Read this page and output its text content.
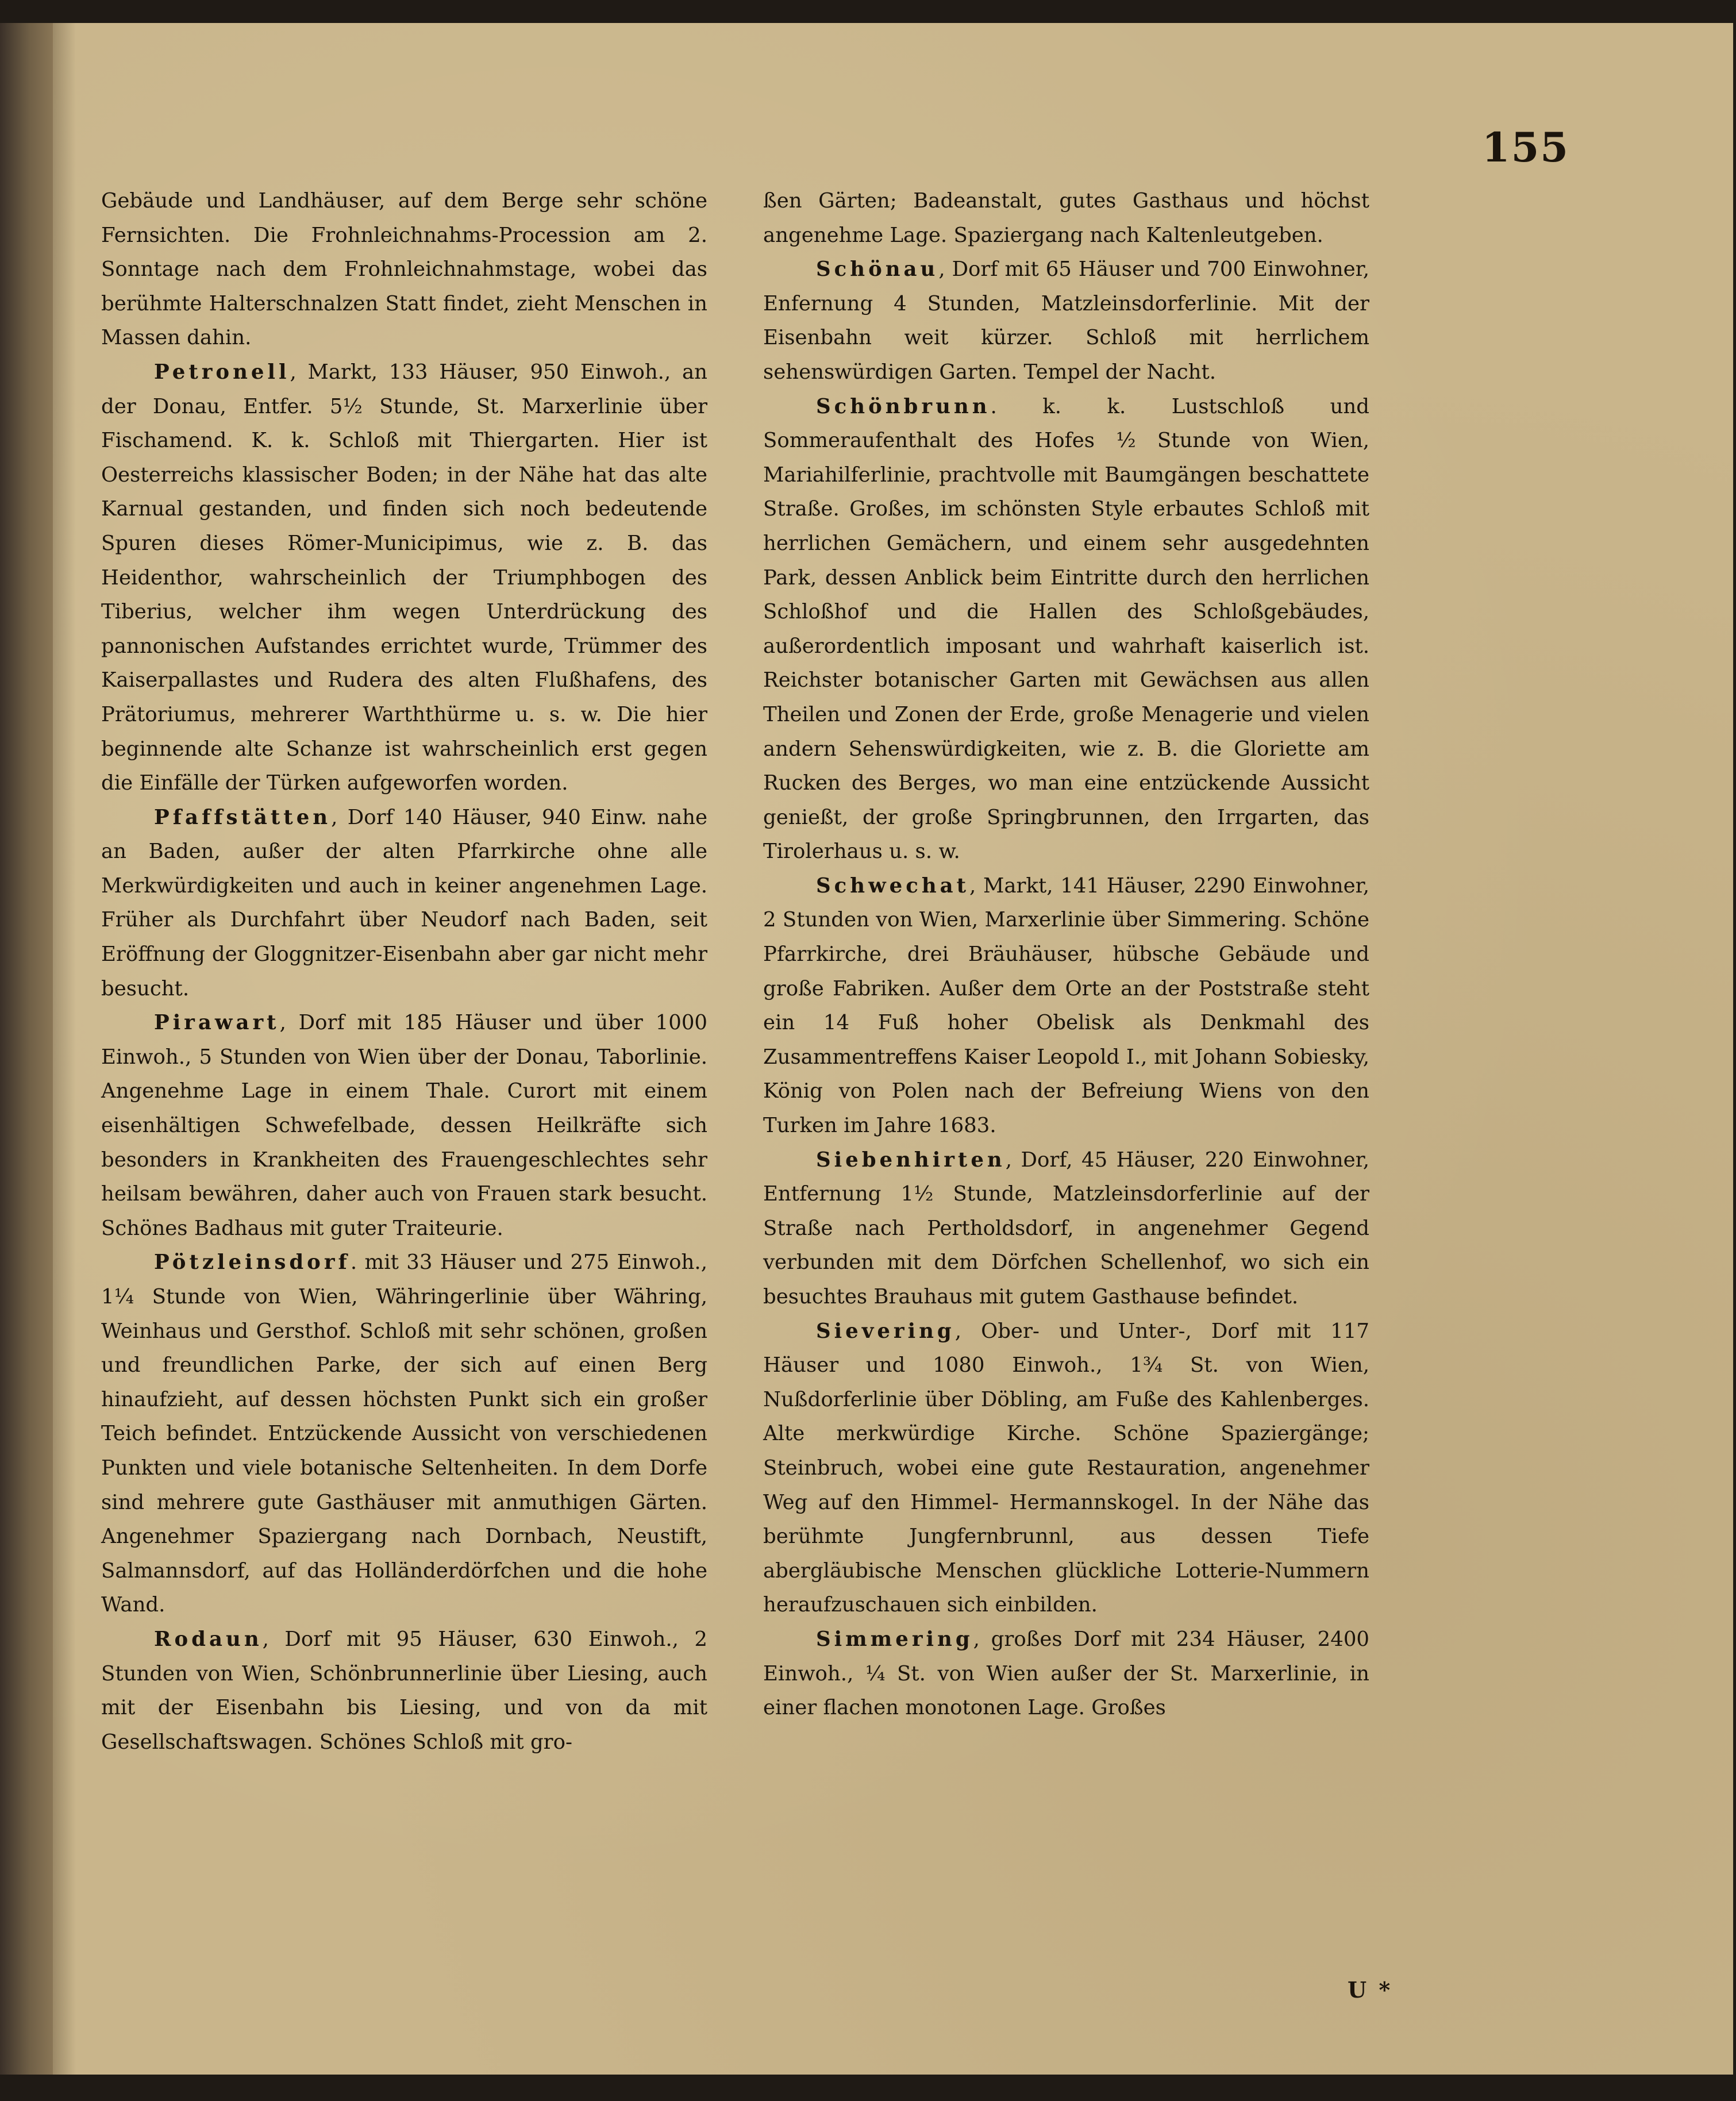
155

Gebäude und Landhäuser, auf dem Berge sehr schöne Fernsichten. Die Frohnleichnahms-Procession am 2. Sonntage nach dem Frohnleichnahmstage, wobei das berühmte Halterschnalzen Statt findet, zieht Menschen in Massen dahin.

Petronell, Markt, 133 Häuser, 950 Einwoh., an der Donau, Entfer. 5½ Stunde, St. Marxerlinie über Fischamend. K. k. Schloß mit Thiergarten. Hier ist Oesterreichs klassischer Boden; in der Nähe hat das alte Karnual gestanden, und finden sich noch bedeutende Spuren dieses Römer-Municipimus, wie z. B. das Heidenthor, wahrscheinlich der Triumphbogen des Tiberius, welcher ihm wegen Unterdrückung des pannonischen Aufstandes errichtet wurde, Trümmer des Kaiserpallastes und Rudera des alten Flußhafens, des Prätoriumus, mehrerer Warththürme u. s. w. Die hier beginnende alte Schanze ist wahrscheinlich erst gegen die Einfälle der Türken aufgeworfen worden.

Pfaffstätten, Dorf 140 Häuser, 940 Einw. nahe an Baden, außer der alten Pfarrkirche ohne alle Merkwürdigkeiten und auch in keiner angenehmen Lage. Früher als Durchfahrt über Neudorf nach Baden, seit Eröffnung der Gloggnitzer-Eisenbahn aber gar nicht mehr besucht.

Pirawart, Dorf mit 185 Häuser und über 1000 Einwoh., 5 Stunden von Wien über der Donau, Taborlinie. Angenehme Lage in einem Thale. Curort mit einem eisenhältigen Schwefelbade, dessen Heilkräfte sich besonders in Krankheiten des Frauengeschlechtes sehr heilsam bewähren, daher auch von Frauen stark besucht. Schönes Badhaus mit guter Traiteurie.

Pötzleinsdorf. mit 33 Häuser und 275 Einwoh., 1¼ Stunde von Wien, Währingerlinie über Währing, Weinhaus und Gersthof. Schloß mit sehr schönen, großen und freundlichen Parke, der sich auf einen Berg hinaufzieht, auf dessen höchsten Punkt sich ein großer Teich befindet. Entzückende Aussicht von verschiedenen Punkten und viele botanische Seltenheiten. In dem Dorfe sind mehrere gute Gasthäuser mit anmuthigen Gärten. Angenehmer Spaziergang nach Dornbach, Neustift, Salmannsdorf, auf das Holländerdörfchen und die hohe Wand.

Rodaun, Dorf mit 95 Häuser, 630 Einwoh., 2 Stunden von Wien, Schönbrunnerlinie über Liesing, auch mit der Eisenbahn bis Liesing, und von da mit Gesellschaftswagen. Schönes Schloß mit gro-

ßen Gärten; Badeanstalt, gutes Gasthaus und höchst angenehme Lage. Spaziergang nach Kaltenleutgeben.

Schönau, Dorf mit 65 Häuser und 700 Einwohner, Enfernung 4 Stunden, Matzleinsdorferlinie. Mit der Eisenbahn weit kürzer. Schloß mit herrlichem sehenswürdigen Garten. Tempel der Nacht.

Schönbrunn. k. k. Lustschloß und Sommeraufenthalt des Hofes ½ Stunde von Wien, Mariahilferlinie, prachtvolle mit Baumgängen beschattete Straße. Großes, im schönsten Style erbautes Schloß mit herrlichen Gemächern, und einem sehr ausgedehnten Park, dessen Anblick beim Eintritte durch den herrlichen Schloßhof und die Hallen des Schloßgebäudes, außerordentlich imposant und wahrhaft kaiserlich ist. Reichster botanischer Garten mit Gewächsen aus allen Theilen und Zonen der Erde, große Menagerie und vielen andern Sehenswürdigkeiten, wie z. B. die Gloriette am Rucken des Berges, wo man eine entzückende Aussicht genießt, der große Springbrunnen, den Irrgarten, das Tirolerhaus u. s. w.

Schwechat, Markt, 141 Häuser, 2290 Einwohner, 2 Stunden von Wien, Marxerlinie über Simmering. Schöne Pfarrkirche, drei Bräuhäuser, hübsche Gebäude und große Fabriken. Außer dem Orte an der Poststraße steht ein 14 Fuß hoher Obelisk als Denkmahl des Zusammentreffens Kaiser Leopold I., mit Johann Sobiesky, König von Polen nach der Befreiung Wiens von den Turken im Jahre 1683.

Siebenhirten, Dorf, 45 Häuser, 220 Einwohner, Entfernung 1½ Stunde, Matzleinsdorferlinie auf der Straße nach Pertholdsdorf, in angenehmer Gegend verbunden mit dem Dörfchen Schellenhof, wo sich ein besuchtes Brauhaus mit gutem Gasthause befindet.

Sievering, Ober- und Unter-, Dorf mit 117 Häuser und 1080 Einwoh., 1¾ St. von Wien, Nußdorferlinie über Döbling, am Fuße des Kahlenberges. Alte merkwürdige Kirche. Schöne Spaziergänge; Steinbruch, wobei eine gute Restauration, angenehmer Weg auf den Himmel- Hermannskogel. In der Nähe das berühmte Jungfernbrunnl, aus dessen Tiefe abergläubische Menschen glückliche Lotterie-Nummern heraufzuschauen sich einbilden.

Simmering, großes Dorf mit 234 Häuser, 2400 Einwoh., ¼ St. von Wien außer der St. Marxerlinie, in einer flachen monotonen Lage. Großes

U *
